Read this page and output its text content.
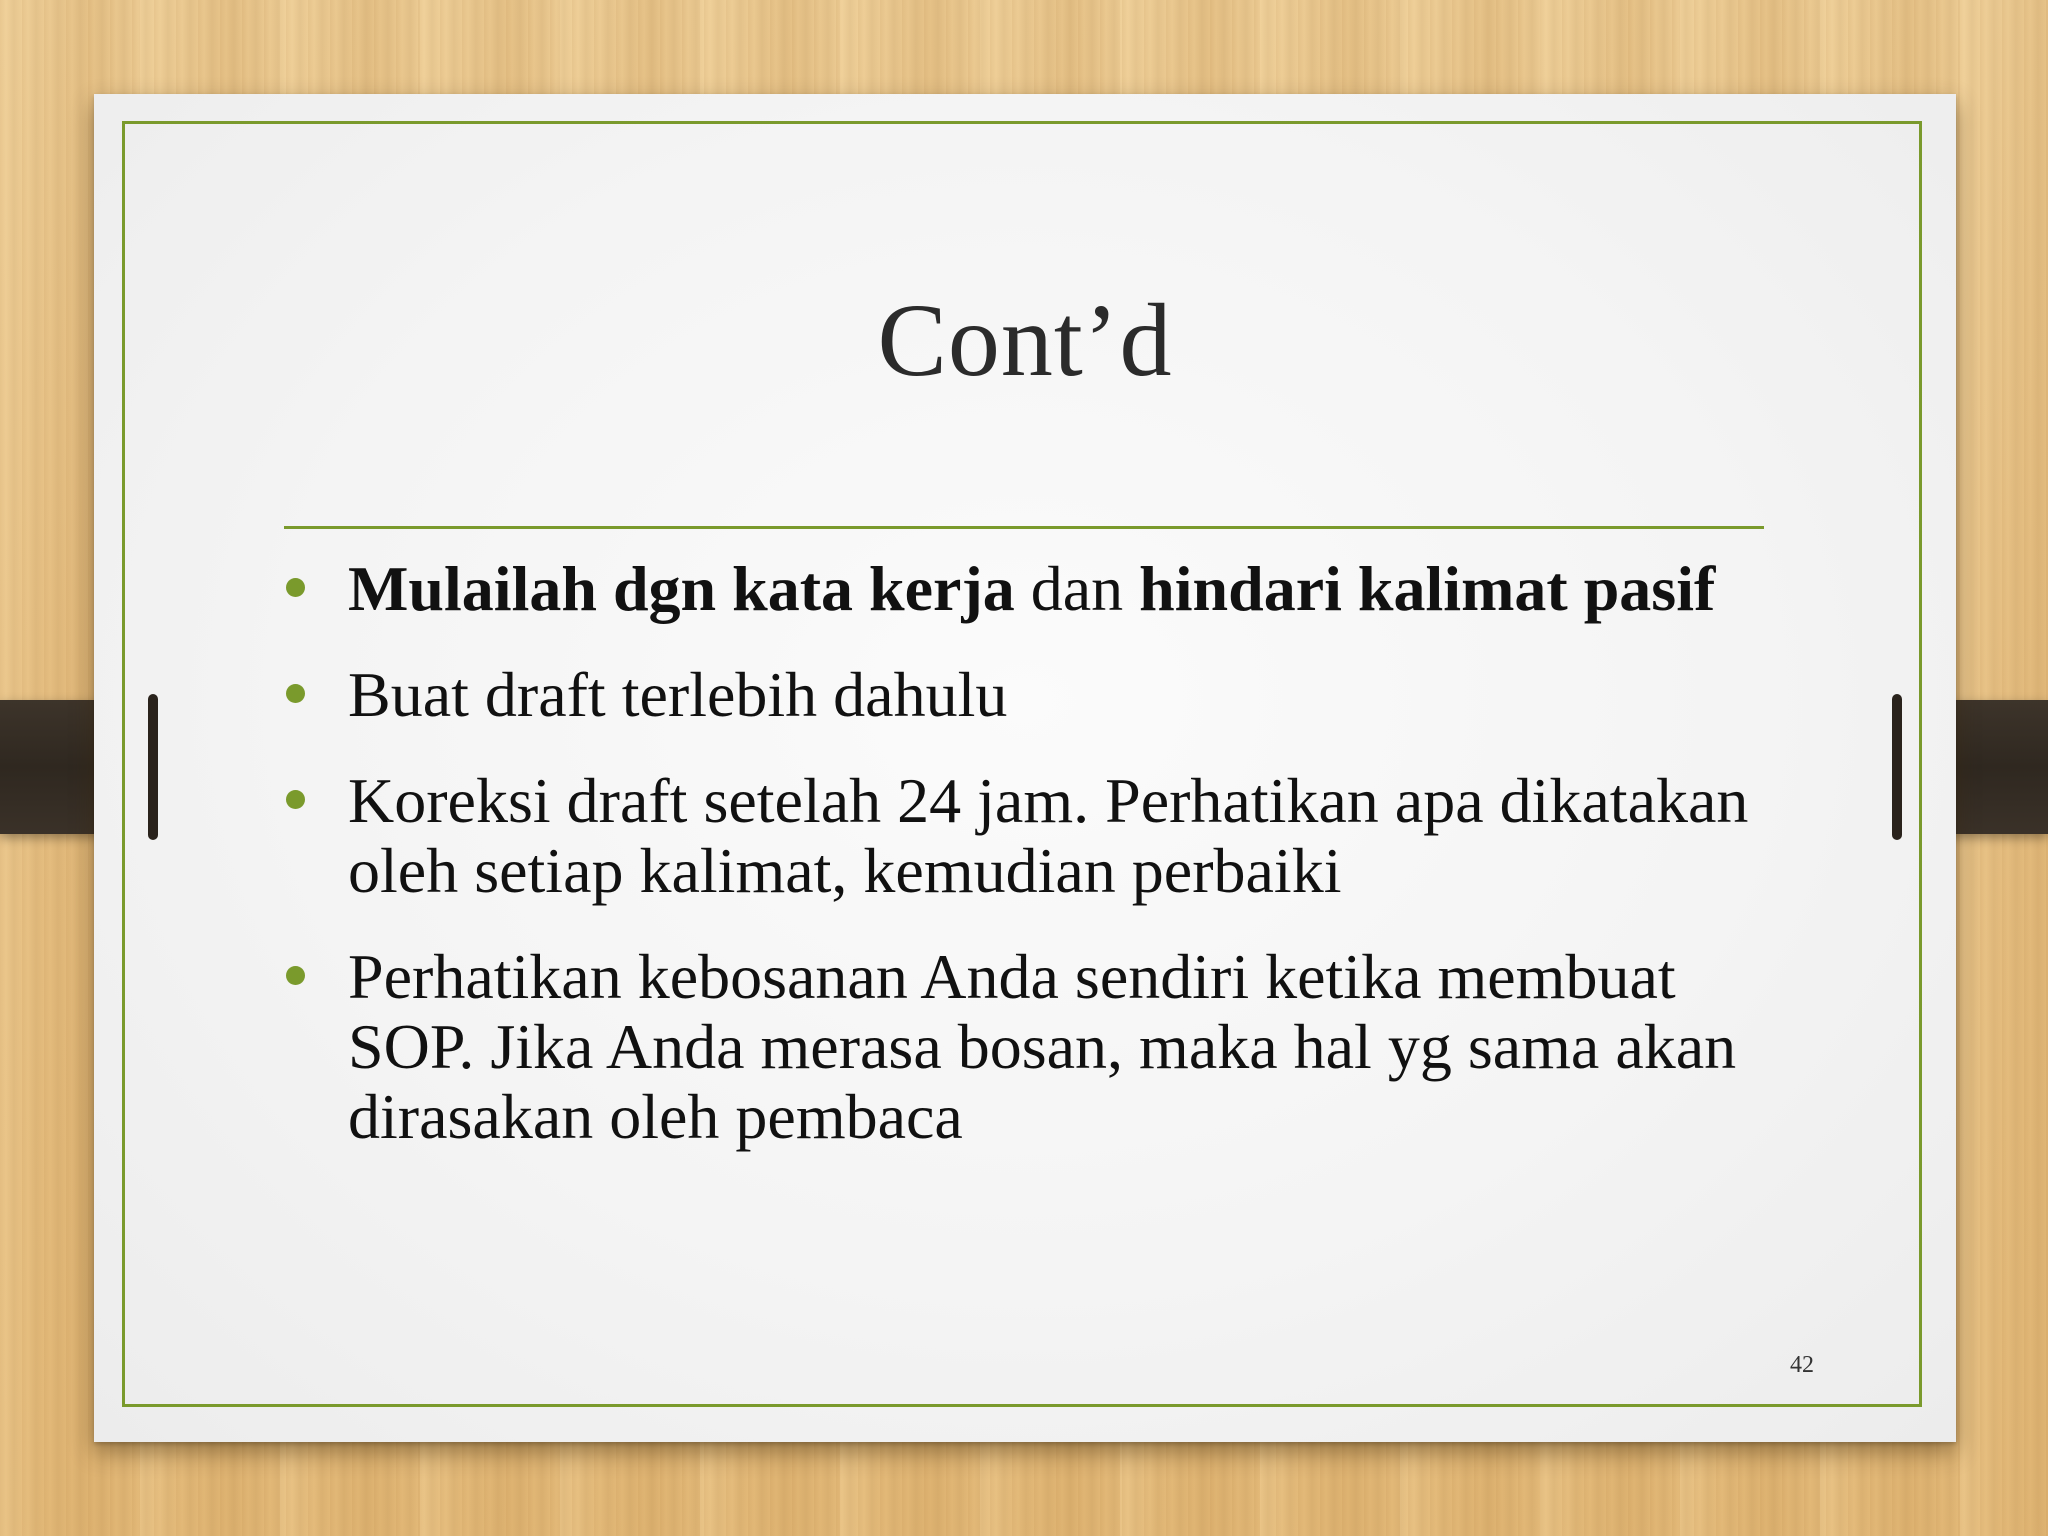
Cont’d
Mulailah dgn kata kerja dan hindari kalimat pasif
Buat draft terlebih dahulu
Koreksi draft setelah 24 jam. Perhatikan apa dikatakan oleh setiap kalimat, kemudian perbaiki
Perhatikan kebosanan Anda sendiri ketika membuat SOP. Jika Anda merasa bosan, maka hal yg sama akan dirasakan oleh pembaca
42
